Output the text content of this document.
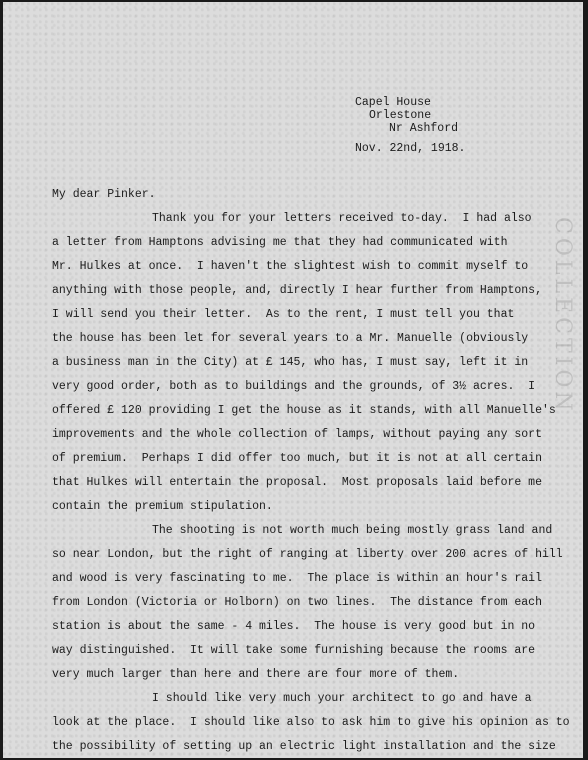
Capel House
Orlestone
Nr Ashford
Nov. 22nd, 1918.
My dear Pinker.
Thank you for your letters received to-day.  I had also
a letter from Hamptons advising me that they had communicated with
Mr. Hulkes at once.  I haven't the slightest wish to commit myself to
anything with those people, and, directly I hear further from Hamptons,
I will send you their letter.  As to the rent, I must tell you that
the house has been let for several years to a Mr. Manuelle (obviously
a business man in the City) at £ 145, who has, I must say, left it in
very good order, both as to buildings and the grounds, of 3½ acres.  I
offered £ 120 providing I get the house as it stands, with all Manuelle's
improvements and the whole collection of lamps, without paying any sort
of premium.  Perhaps I did offer too much, but it is not at all certain
that Hulkes will entertain the proposal.  Most proposals laid before me
contain the premium stipulation.
The shooting is not worth much being mostly grass land and
so near London, but the right of ranging at liberty over 200 acres of hill
and wood is very fascinating to me.  The place is within an hour's rail
from London (Victoria or Holborn) on two lines.  The distance from each
station is about the same - 4 miles.  The house is very good but in no
way distinguished.  It will take some furnishing because the rooms are
very much larger than here and there are four more of them.
I should like very much your architect to go and have a
look at the place.  I should like also to ask him to give his opinion as to
the possibility of setting up an electric light installation and the size
COLLECTION
